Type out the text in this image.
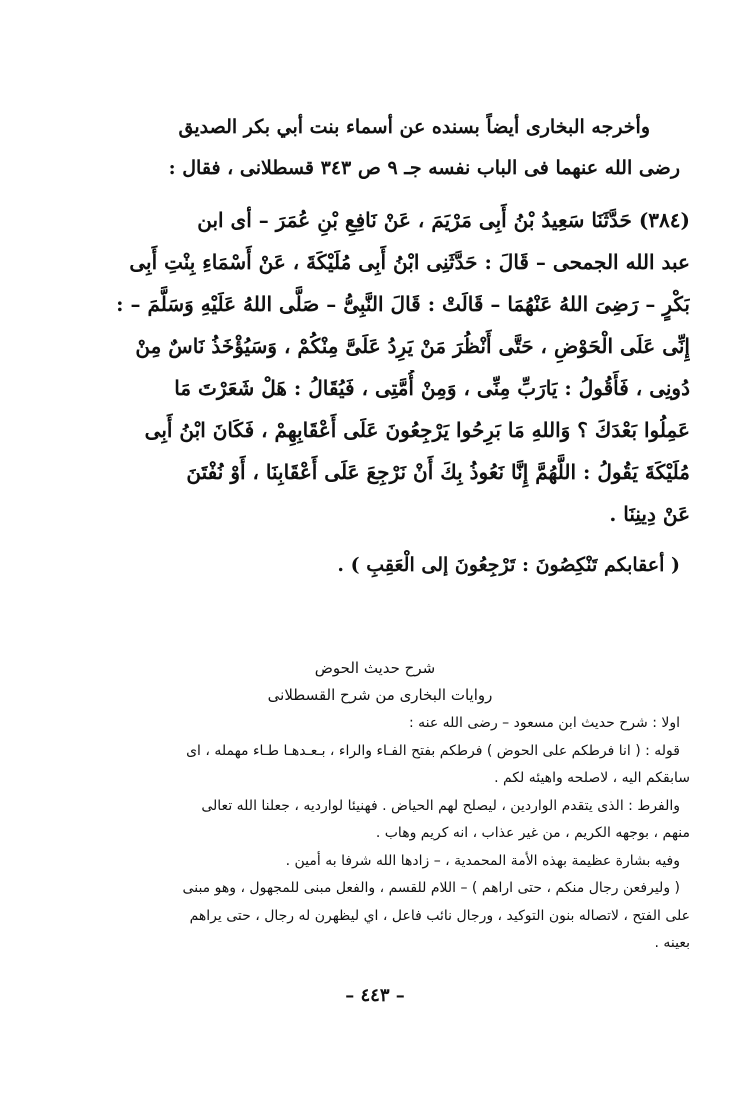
وأخرجه البخارى أيضاً بسنده عن أسماء بنت أبي بكر الصديق
رضى الله عنهما فى الباب نفسه جـ ٩ ص ٣٤٣ قسطلانى ، فقال :
(٣٨٤) حَدَّثَنَا سَعِيدُ بْنُ أَبِى مَرْيَمَ ، عَنْ نَافِعِ بْنِ عُمَرَ – أى ابن
عبد الله الجمحى – قَالَ : حَدَّثَنِى ابْنُ أَبِى مُلَيْكَةَ ، عَنْ أَسْمَاءِ بِنْتِ أَبِى
بَكْرٍ – رَضِىَ اللهُ عَنْهُمَا – قَالَتْ : قَالَ النَّبِىُّ – صَلَّى اللهُ عَلَيْهِ وَسَلَّمَ – :
إِنِّى عَلَى الْحَوْضِ ، حَتَّى أَنْظُرَ مَنْ يَرِدُ عَلَىَّ مِنْكُمْ ، وَسَيُؤْخَذُ نَاسٌ مِنْ
دُونِى ، فَأَقُولُ : يَارَبِّ مِنِّى ، وَمِنْ أُمَّتِى ، فَيُقَالُ : هَلْ شَعَرْتَ مَا
عَمِلُوا بَعْدَكَ ؟ وَاللهِ مَا بَرِحُوا يَرْجِعُونَ عَلَى أَعْقَابِهِمْ ، فَكَانَ ابْنُ أَبِى
مُلَيْكَةَ يَقُولُ : اللَّهُمَّ إِنَّا نَعُوذُ بِكَ أَنْ نَرْجِعَ عَلَى أَعْقَابِنَا ، أَوْ نُفْتَنَ
عَنْ دِينِنَا .
( أعقابكم تَنْكِصُونَ : تَرْجِعُونَ إلى الْعَقِبِ ) .
شرح حديث الحوض
روايات البخارى من شرح القسطلانى
اولا : شرح حديث ابن مسعود – رضى الله عنه :
قوله : ( انا فرطكم على الحوض ) فرطكم بفتح الفـاء والراء ، بـعـدهـا طـاء مهمله ، اى
سابقكم اليه ، لاصلحه واهيئه لكم .
والفرط : الذى يتقدم الواردين ، ليصلح لهم الحياض . فهنيئا لوارديه ، جعلنا الله تعالى
منهم ، بوجهه الكريم ، من غير عذاب ، انه كريم وهاب .
وفيه بشارة عظيمة بهذه الأمة المحمدية ، – زادها الله شرفا به أمين .
( وليرفعن رجال منكم ، حتى اراهم ) – اللام للقسم ، والفعل مبنى للمجهول ، وهو مبنى
على الفتح ، لاتصاله بنون التوكيد ، ورجال نائب فاعل ، اي ليظهرن له رجال ، حتى يراهم
بعينه .
– ٤٤٣ –
